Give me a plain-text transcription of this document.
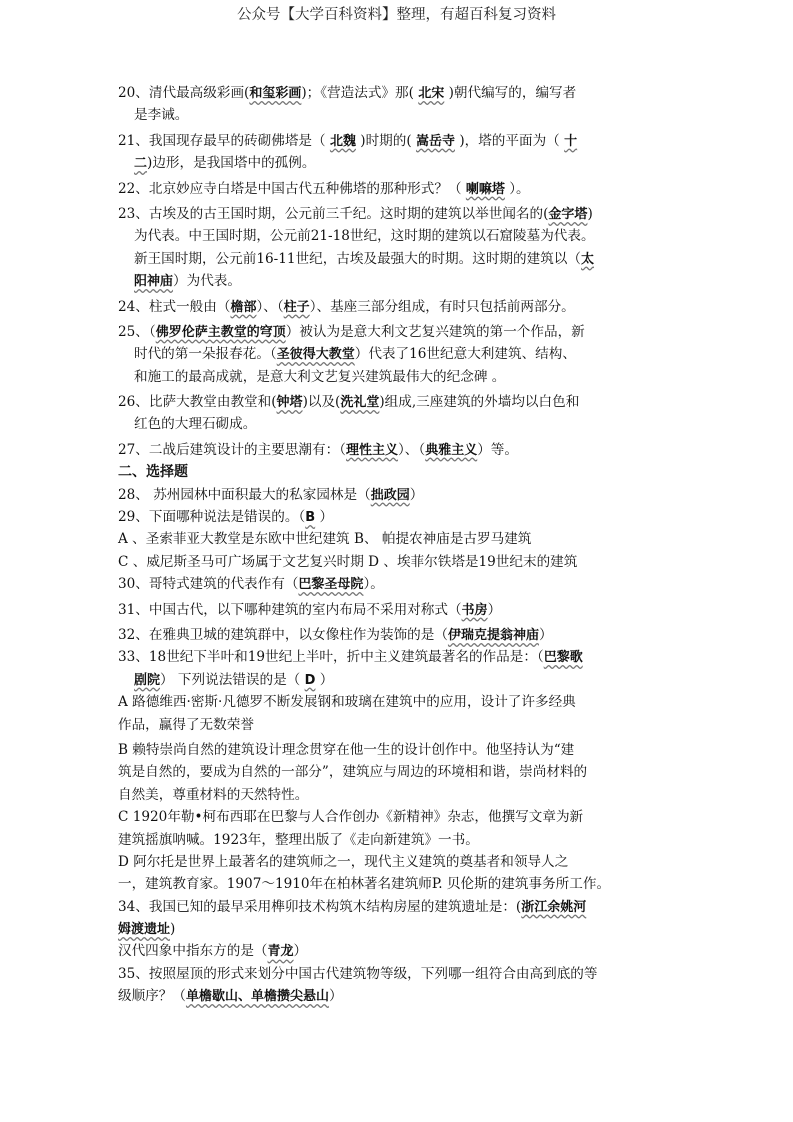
公众号【大学百科资料】整理，有超百科复习资料
20、清代最高级彩画(和玺彩画)；《营造法式》那( 北宋 )朝代编写的，编写者
是李诫。
21、我国现存最早的砖砌佛塔是（ 北魏 )时期的( 嵩岳寺 )，塔的平面为（ 十
二)边形，是我国塔中的孤例。
22、北京妙应寺白塔是中国古代五种佛塔的那种形式？（ 喇嘛塔 ）。
23、古埃及的古王国时期，公元前三千纪。这时期的建筑以举世闻名的(金字塔)
为代表。中王国时期，公元前21-18世纪，这时期的建筑以石窟陵墓为代表。
新王国时期，公元前16-11世纪，古埃及最强大的时期。这时期的建筑以（太
阳神庙）为代表。
24、柱式一般由（檐部）、（柱子）、基座三部分组成，有时只包括前两部分。
25、（佛罗伦萨主教堂的穹顶）被认为是意大利文艺复兴建筑的第一个作品，新
时代的第一朵报春花。（圣彼得大教堂）代表了16世纪意大利建筑、结构、
和施工的最高成就，是意大利文艺复兴建筑最伟大的纪念碑 。
26、比萨大教堂由教堂和(钟塔)以及(洗礼堂)组成,三座建筑的外墙均以白色和
红色的大理石砌成。
27、二战后建筑设计的主要思潮有：（理性主义）、（典雅主义）等。
二、选择题
28、 苏州园林中面积最大的私家园林是（拙政园）
29、下面哪种说法是错误的。（B ）
A 、圣索菲亚大教堂是东欧中世纪建筑 B、 帕提农神庙是古罗马建筑
C 、威尼斯圣马可广场属于文艺复兴时期 D 、埃菲尔铁塔是19世纪末的建筑
30、哥特式建筑的代表作有（巴黎圣母院）。
31、中国古代，以下哪种建筑的室内布局不采用对称式（书房）
32、在雅典卫城的建筑群中，以女像柱作为装饰的是（伊瑞克提翁神庙）
33、18世纪下半叶和19世纪上半叶，折中主义建筑最著名的作品是：（巴黎歌
剧院） 下列说法错误的是（ D ）
A 路德维西·密斯·凡德罗不断发展钢和玻璃在建筑中的应用，设计了许多经典
作品，赢得了无数荣誉
B 赖特崇尚自然的建筑设计理念贯穿在他一生的设计创作中。他坚持认为“建
筑是自然的，要成为自然的一部分”，建筑应与周边的环境相和谐，崇尚材料的
自然美，尊重材料的天然特性。
C 1920年勒•柯布西耶在巴黎与人合作创办《新精神》杂志，他撰写文章为新
建筑摇旗呐喊。1923年，整理出版了《走向新建筑》一书。
D 阿尔托是世界上最著名的建筑师之一，现代主义建筑的奠基者和领导人之
一，建筑教育家。1907～1910年在柏林著名建筑师P. 贝伦斯的建筑事务所工作。
34、我国已知的最早采用榫卯技术构筑木结构房屋的建筑遗址是：(浙江余姚河
姆渡遗址)
汉代四象中指东方的是（青龙）
35、按照屋顶的形式来划分中国古代建筑物等级，下列哪一组符合由高到底的等
级顺序？（单檐歇山、单檐攒尖悬山）
